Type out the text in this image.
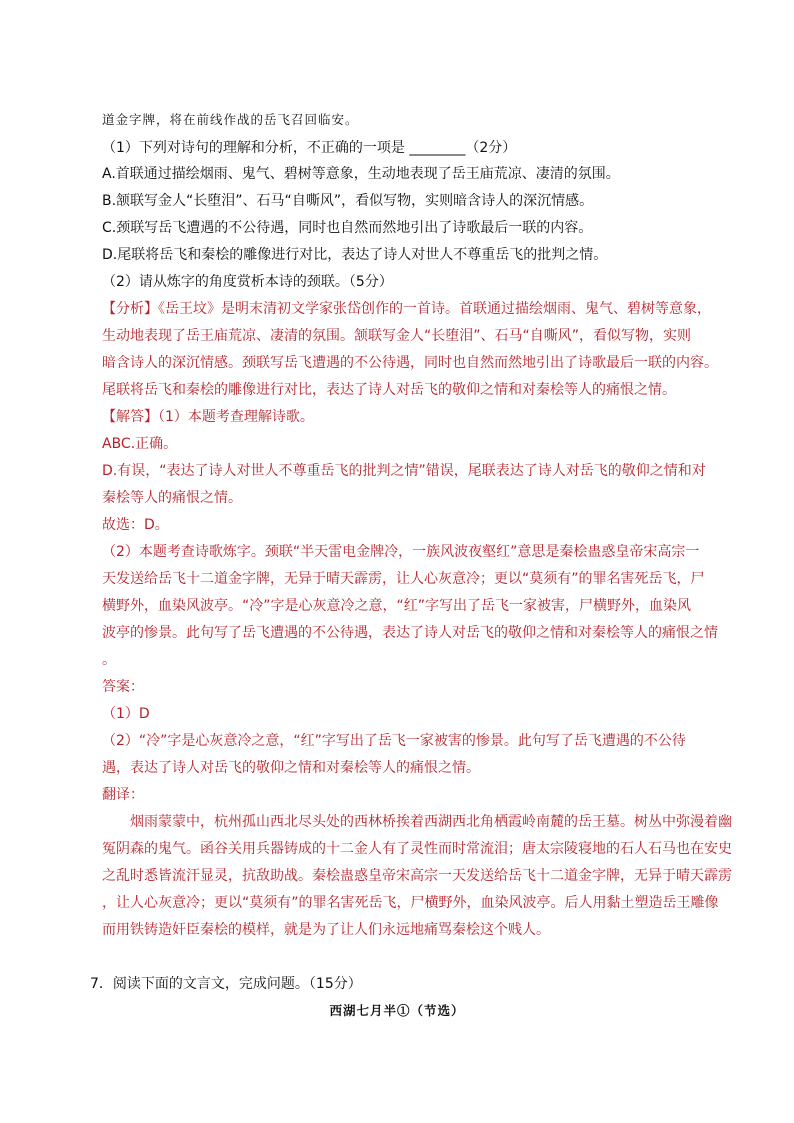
道金字牌，将在前线作战的岳飞召回临安。
（1）下列对诗句的理解和分析，不正确的一项是 ________（2分）
A.首联通过描绘烟雨、鬼气、碧树等意象，生动地表现了岳王庙荒凉、凄清的氛围。
B.颔联写金人“长堕泪”、石马“自嘶风”，看似写物，实则暗含诗人的深沉情感。
C.颈联写岳飞遭遇的不公待遇，同时也自然而然地引出了诗歌最后一联的内容。
D.尾联将岳飞和秦桧的雕像进行对比，表达了诗人对世人不尊重岳飞的批判之情。
（2）请从炼字的角度赏析本诗的颈联。（5分）
【分析】《岳王坟》是明末清初文学家张岱创作的一首诗。首联通过描绘烟雨、鬼气、碧树等意象，
生动地表现了岳王庙荒凉、凄清的氛围。颔联写金人“长堕泪”、石马“自嘶风”，看似写物，实则
暗含诗人的深沉情感。颈联写岳飞遭遇的不公待遇，同时也自然而然地引出了诗歌最后一联的内容。
尾联将岳飞和秦桧的雕像进行对比，表达了诗人对岳飞的敬仰之情和对秦桧等人的痛恨之情。
【解答】（1）本题考查理解诗歌。
ABC.正确。
D.有误，“表达了诗人对世人不尊重岳飞的批判之情”错误，尾联表达了诗人对岳飞的敬仰之情和对
秦桧等人的痛恨之情。
故选：D。
（2）本题考查诗歌炼字。颈联“半天雷电金牌冷，一族风波夜壑红”意思是秦桧蛊惑皇帝宋高宗一
天发送给岳飞十二道金字牌，无异于晴天霹雳，让人心灰意冷；更以“莫须有”的罪名害死岳飞，尸
横野外，血染风波亭。“冷”字是心灰意冷之意，“红”字写出了岳飞一家被害，尸横野外，血染风
波亭的惨景。此句写了岳飞遭遇的不公待遇，表达了诗人对岳飞的敬仰之情和对秦桧等人的痛恨之情
。
答案：
（1）D
（2）“冷”字是心灰意冷之意，“红”字写出了岳飞一家被害的惨景。此句写了岳飞遭遇的不公待
遇，表达了诗人对岳飞的敬仰之情和对秦桧等人的痛恨之情。
翻译：
烟雨蒙蒙中，杭州孤山西北尽头处的西林桥挨着西湖西北角栖霞岭南麓的岳王墓。树丛中弥漫着幽
冤阴森的鬼气。函谷关用兵器铸成的十二金人有了灵性而时常流泪；唐太宗陵寝地的石人石马也在安史
之乱时悉皆流汗显灵，抗敌助战。秦桧蛊惑皇帝宋高宗一天发送给岳飞十二道金字牌，无异于晴天霹雳
，让人心灰意冷；更以“莫须有”的罪名害死岳飞，尸横野外，血染风波亭。后人用黏土塑造岳王雕像
而用铁铸造奸臣秦桧的模样，就是为了让人们永远地痛骂秦桧这个贱人。
7．阅读下面的文言文，完成问题。（15分）
西湖七月半①（节选）
